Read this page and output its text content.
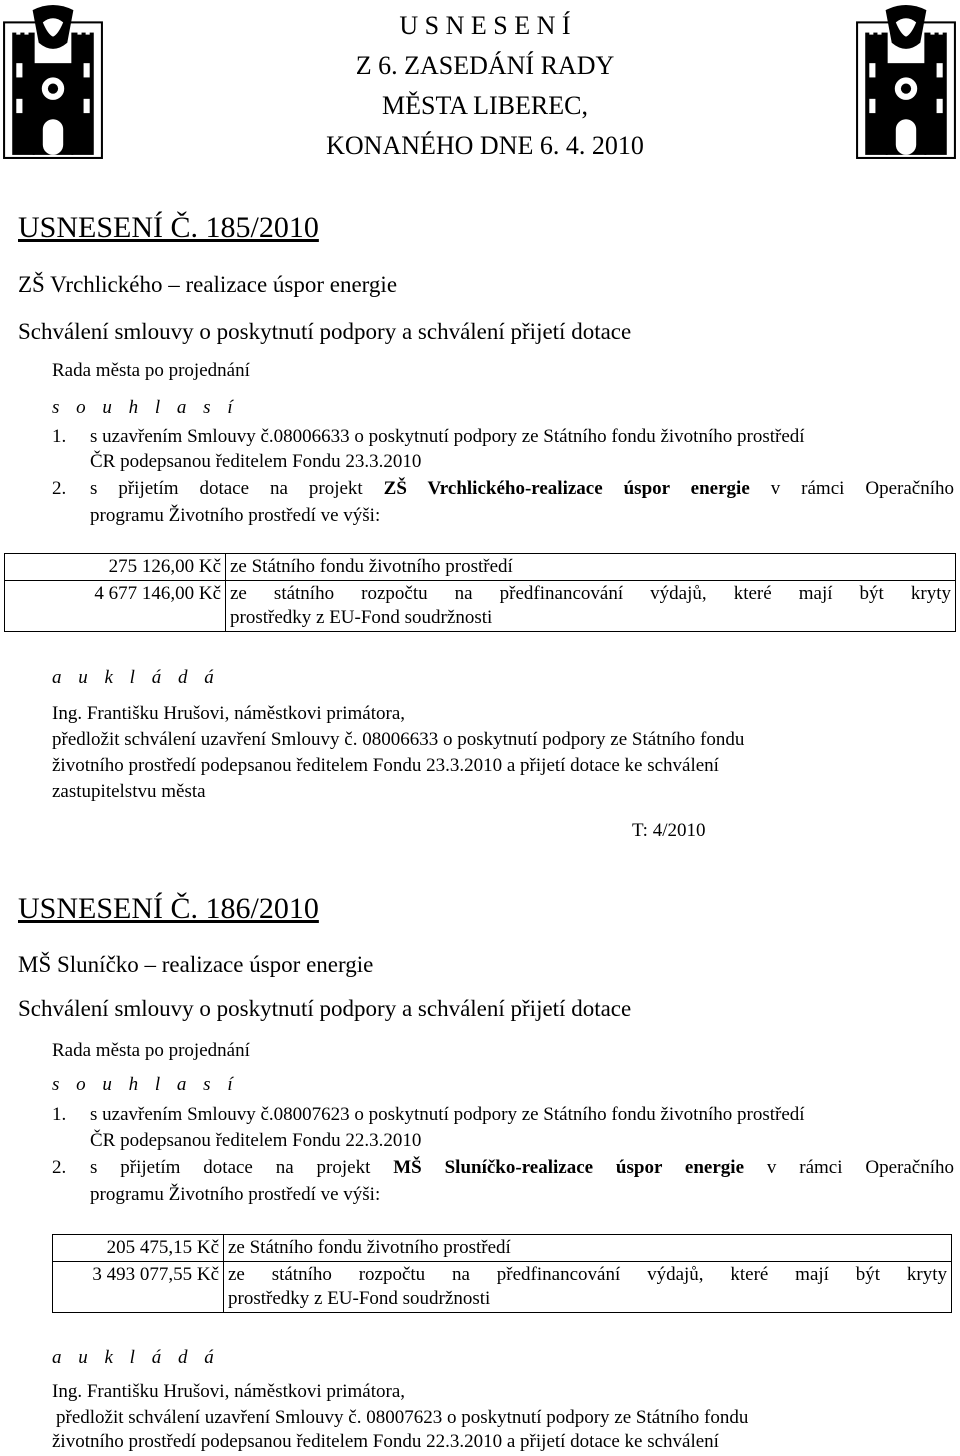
U S N E S E N Í
Z 6. ZASEDÁNÍ RADY
MĚSTA LIBEREC,
KONANÉHO DNE 6. 4. 2010
USNESENÍ Č. 185/2010
ZŠ Vrchlického – realizace úspor energie
Schválení smlouvy o poskytnutí podpory a schválení přijetí dotace
Rada města po projednání
s o u h l a s í
1. s uzavřením Smlouvy č.08006633 o poskytnutí podpory ze Státního fondu životního prostředí
ČR podepsanou ředitelem Fondu 23.3.2010
2. s přijetím dotace na projekt ZŠ Vrchlického-realizace úspor energie v rámci Operačního
programu Životního prostředí ve výši:
275 126,00 Kč	ze Státního fondu životního prostředí
4 677 146,00 Kč	ze státního rozpočtu na předfinancování výdajů, které mají být kryty
prostředky z EU-Fond soudržnosti
a u k l á d á
Ing. Františku Hrušovi, náměstkovi primátora,
předložit schválení uzavření Smlouvy č. 08006633 o poskytnutí podpory ze Státního fondu
životního prostředí podepsanou ředitelem Fondu 23.3.2010 a přijetí dotace ke schválení
zastupitelstvu města
T: 4/2010
USNESENÍ Č. 186/2010
MŠ Sluníčko – realizace úspor energie
Schválení smlouvy o poskytnutí podpory a schválení přijetí dotace
Rada města po projednání
s o u h l a s í
1. s uzavřením Smlouvy č.08007623 o poskytnutí podpory ze Státního fondu životního prostředí
ČR podepsanou ředitelem Fondu 22.3.2010
2. s přijetím dotace na projekt MŠ Sluníčko-realizace úspor energie v rámci Operačního
programu Životního prostředí ve výši:
205 475,15 Kč	ze Státního fondu životního prostředí
3 493 077,55 Kč	ze státního rozpočtu na předfinancování výdajů, které mají být kryty
prostředky z EU-Fond soudržnosti
a u k l á d á
Ing. Františku Hrušovi, náměstkovi primátora,
předložit schválení uzavření Smlouvy č. 08007623 o poskytnutí podpory ze Státního fondu
životního prostředí podepsanou ředitelem Fondu 22.3.2010 a přijetí dotace ke schválení
